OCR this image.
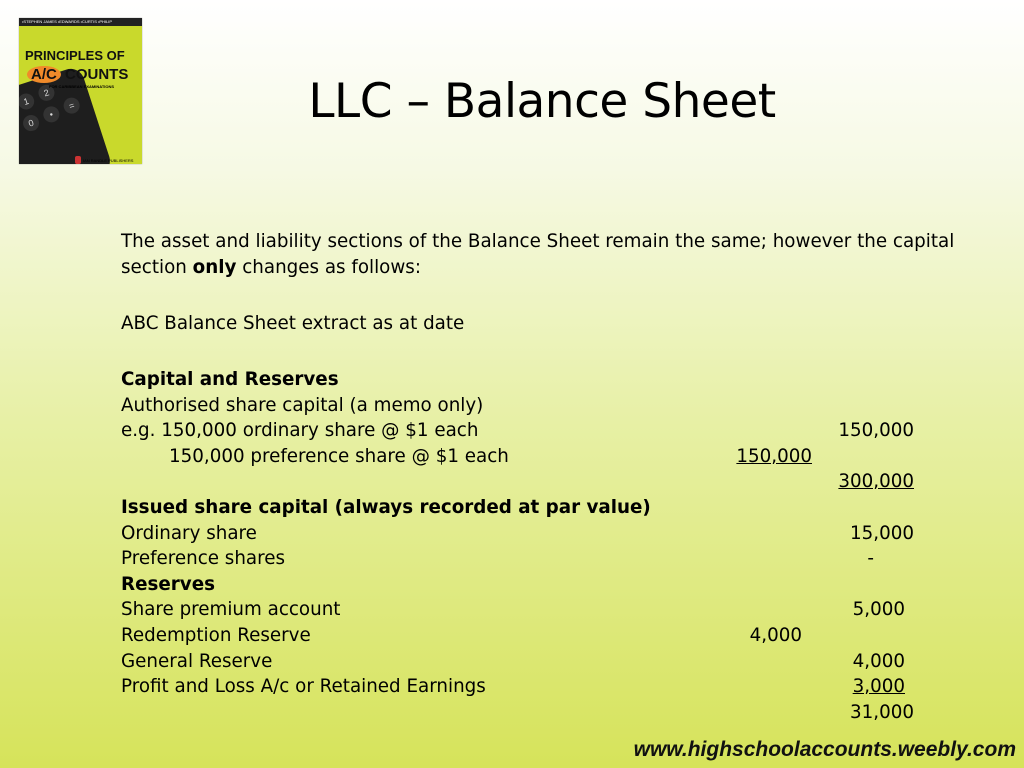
•STEPHEN JAMES •EDWARDS •CURTIS •PHILIP
1
2
0
•
=
PRINCIPLES OF
A/C COUNTS
FOR CARIBBEAN EXAMINATIONS
IAN RANDLE PUBLISHERS
LLC – Balance Sheet
The asset and liability sections of the Balance Sheet remain the same; however the capital section only changes as follows:
ABC Balance Sheet extract as at date
Capital and Reserves
Authorised share capital (a memo only)
e.g. 150,000 ordinary share @ $1 each	150,000
150,000 preference share @ $1 each	150,000
300,000
Issued share capital (always recorded at par value)
Ordinary share	15,000
Preference shares	-
Reserves
Share premium account	5,000
Redemption Reserve	4,000
General Reserve	4,000
Profit and Loss A/c or Retained Earnings	3,000
31,000
www.highschoolaccounts.weebly.com
